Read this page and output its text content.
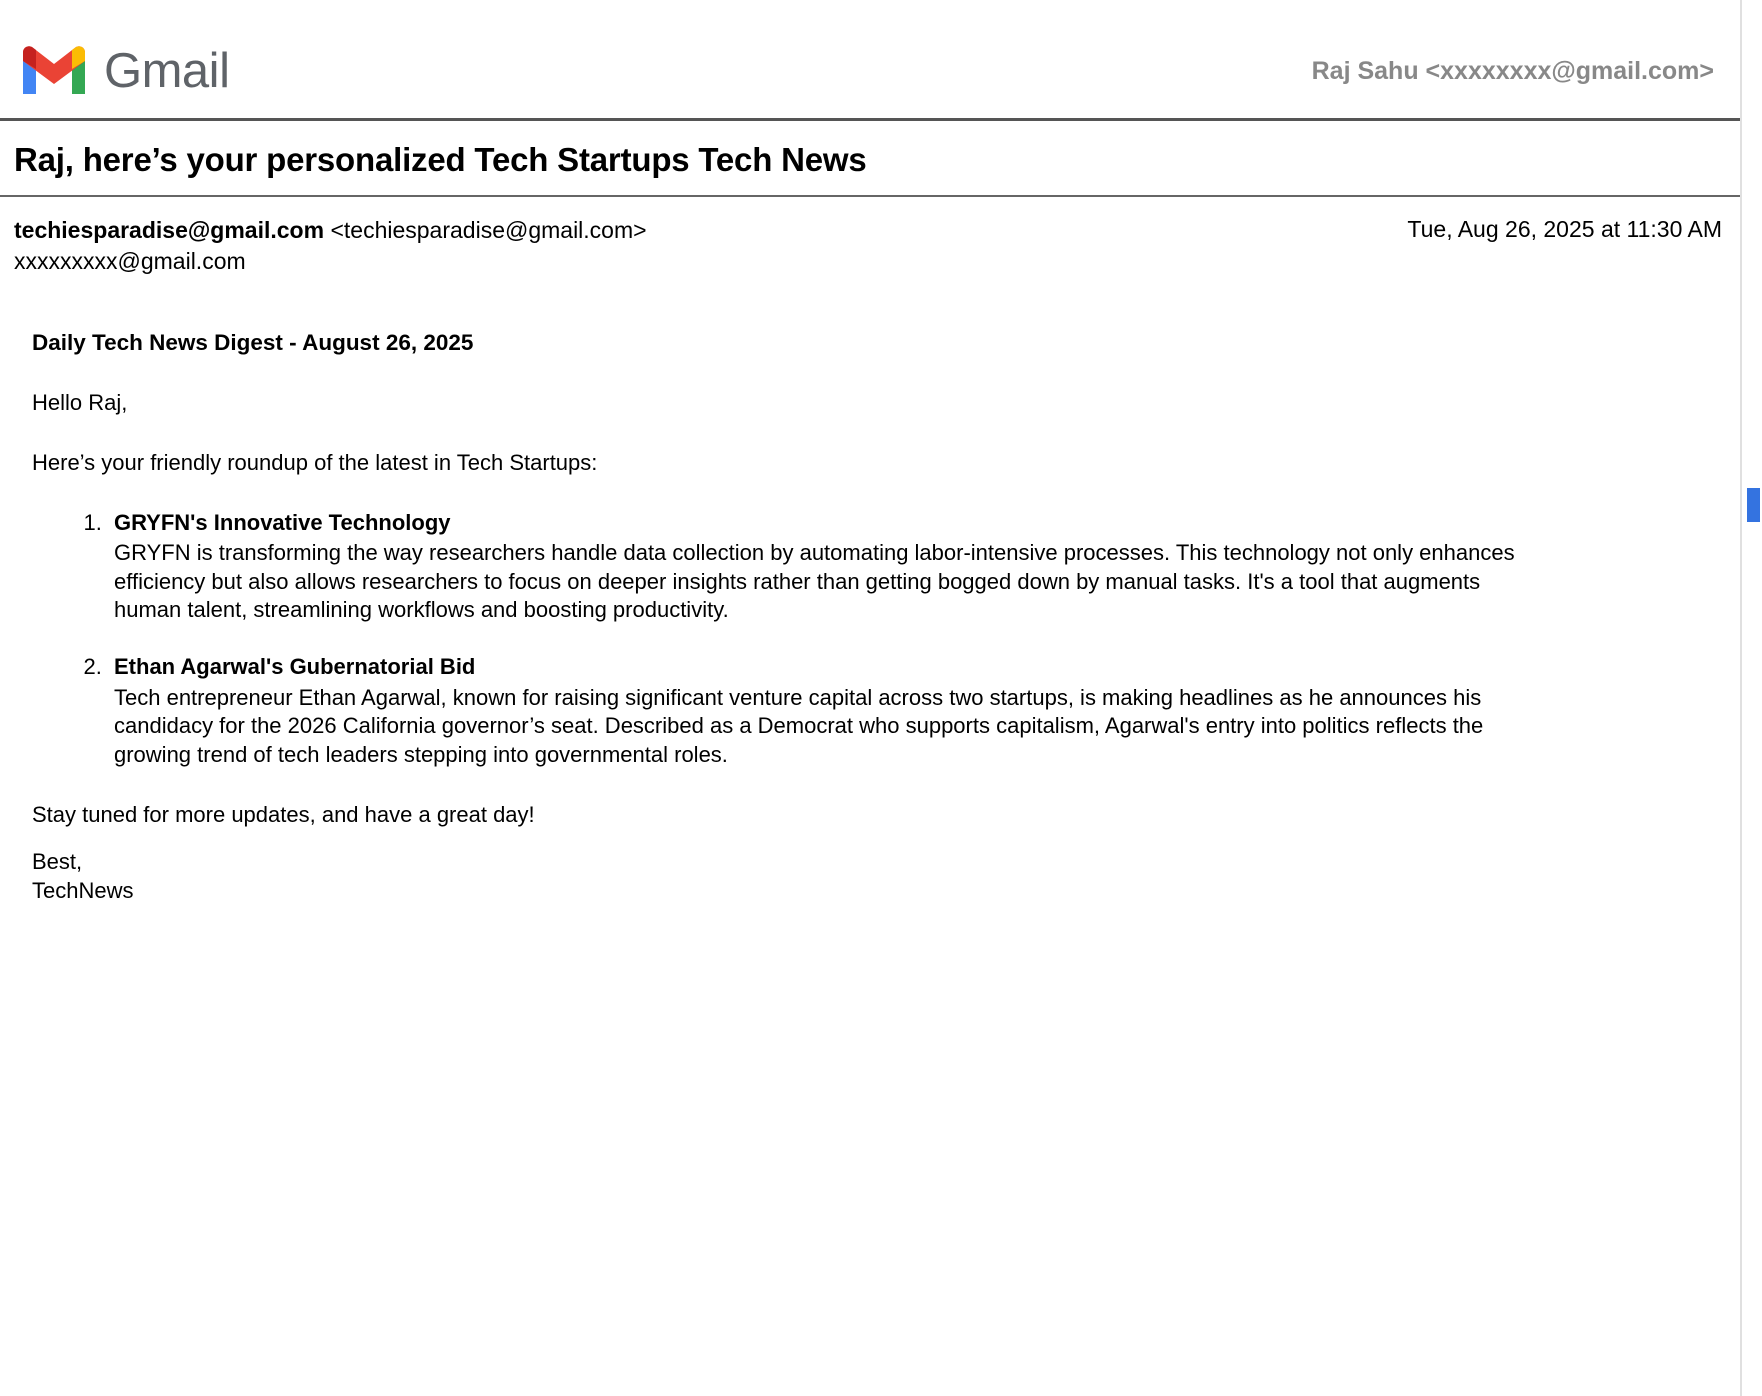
Gmail	Raj Sahu <xxxxxxxx@gmail.com>
Raj, here’s your personalized Tech Startups Tech News
techiesparadise@gmail.com <techiesparadise@gmail.com>
xxxxxxxxx@gmail.com
Tue, Aug 26, 2025 at 11:30 AM

Daily Tech News Digest - August 26, 2025

Hello Raj,

Here’s your friendly roundup of the latest in Tech Startups:

1. GRYFN's Innovative Technology
GRYFN is transforming the way researchers handle data collection by automating labor-intensive processes. This technology not only enhances efficiency but also allows researchers to focus on deeper insights rather than getting bogged down by manual tasks. It's a tool that augments human talent, streamlining workflows and boosting productivity.
2. Ethan Agarwal's Gubernatorial Bid
Tech entrepreneur Ethan Agarwal, known for raising significant venture capital across two startups, is making headlines as he announces his candidacy for the 2026 California governor’s seat. Described as a Democrat who supports capitalism, Agarwal's entry into politics reflects the growing trend of tech leaders stepping into governmental roles.

Stay tuned for more updates, and have a great day!

Best,

TechNews
